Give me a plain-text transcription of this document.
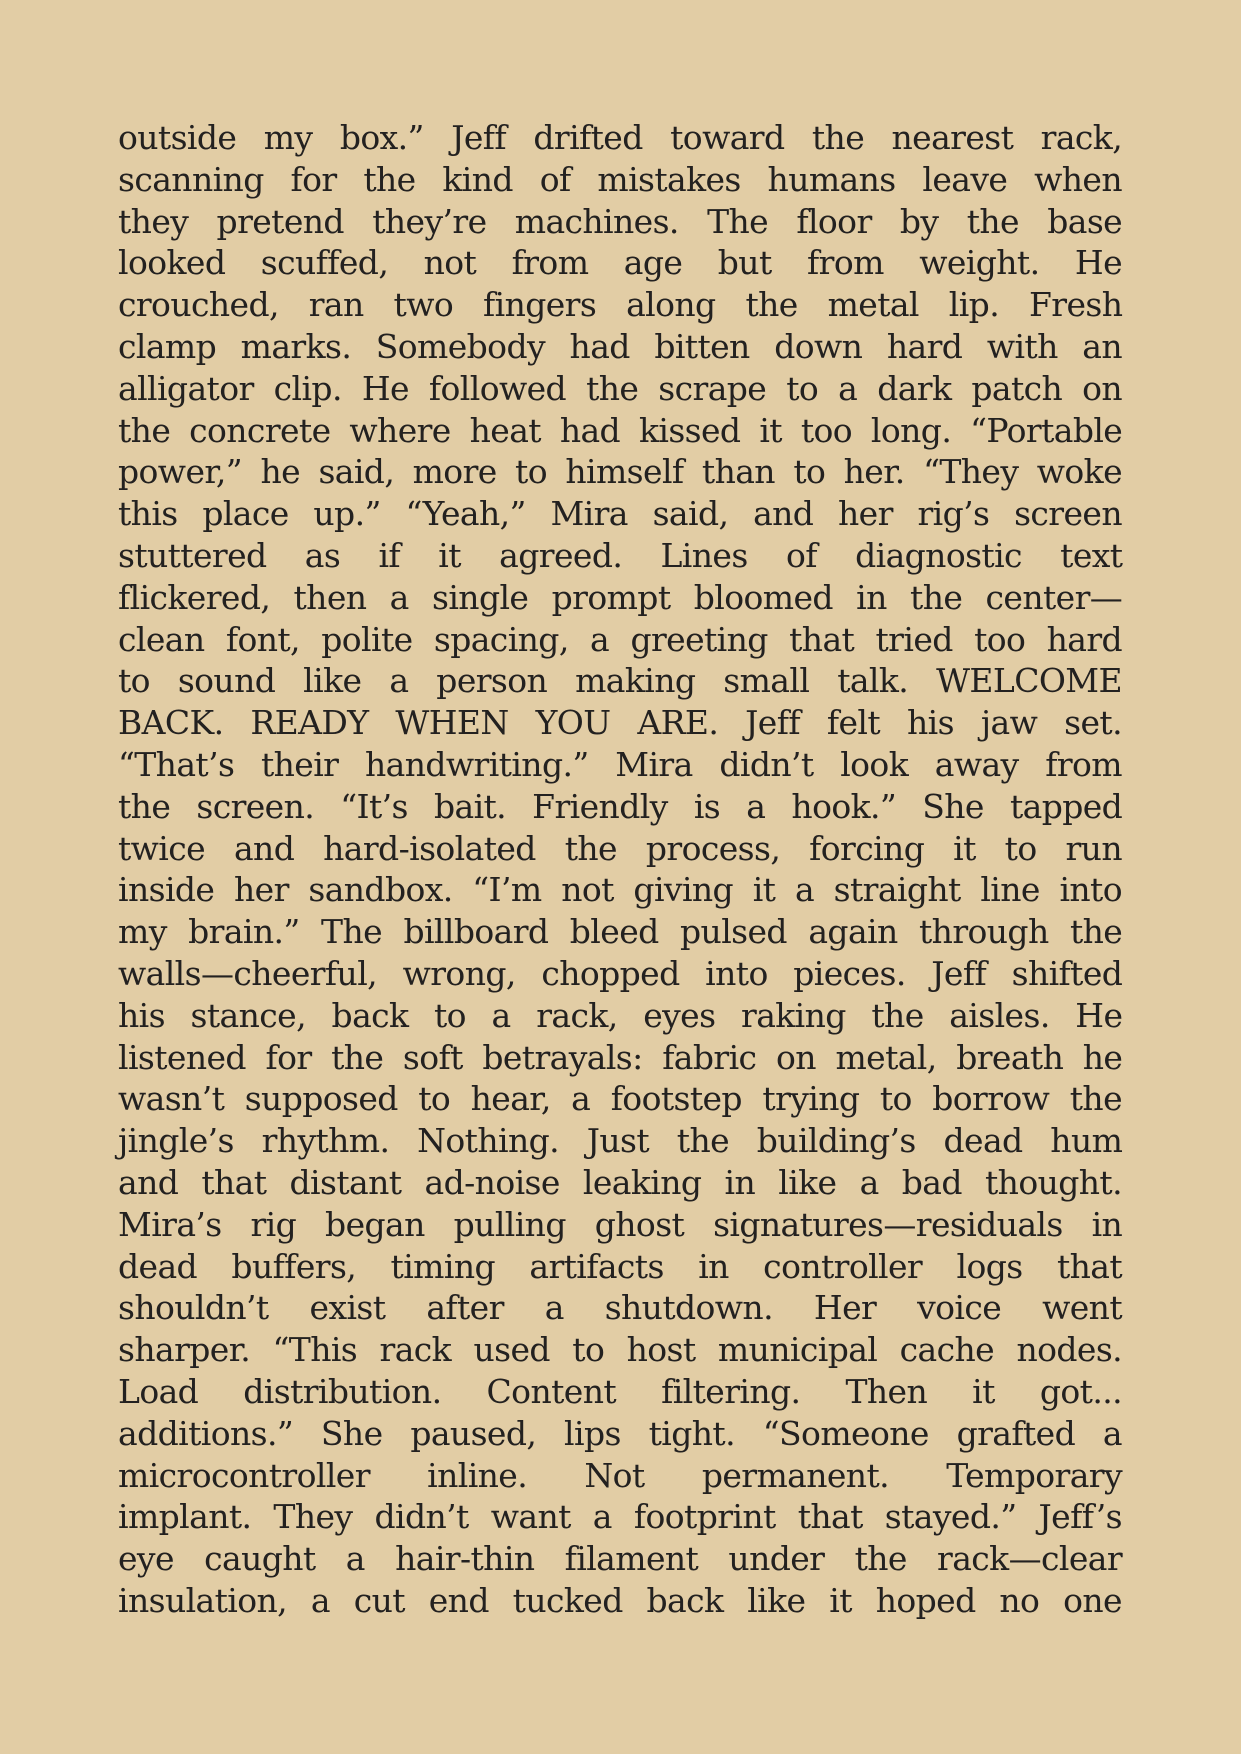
outside my box.” Jeff drifted toward the nearest rack,
scanning for the kind of mistakes humans leave when
they pretend they’re machines. The floor by the base
looked scuffed, not from age but from weight. He
crouched, ran two fingers along the metal lip. Fresh
clamp marks. Somebody had bitten down hard with an
alligator clip. He followed the scrape to a dark patch on
the concrete where heat had kissed it too long. “Portable
power,” he said, more to himself than to her. “They woke
this place up.” “Yeah,” Mira said, and her rig’s screen
stuttered as if it agreed. Lines of diagnostic text
flickered, then a single prompt bloomed in the center—
clean font, polite spacing, a greeting that tried too hard
to sound like a person making small talk. WELCOME
BACK. READY WHEN YOU ARE. Jeff felt his jaw set.
“That’s their handwriting.” Mira didn’t look away from
the screen. “It’s bait. Friendly is a hook.” She tapped
twice and hard-isolated the process, forcing it to run
inside her sandbox. “I’m not giving it a straight line into
my brain.” The billboard bleed pulsed again through the
walls—cheerful, wrong, chopped into pieces. Jeff shifted
his stance, back to a rack, eyes raking the aisles. He
listened for the soft betrayals: fabric on metal, breath he
wasn’t supposed to hear, a footstep trying to borrow the
jingle’s rhythm. Nothing. Just the building’s dead hum
and that distant ad-noise leaking in like a bad thought.
Mira’s rig began pulling ghost signatures—residuals in
dead buffers, timing artifacts in controller logs that
shouldn’t exist after a shutdown. Her voice went
sharper. “This rack used to host municipal cache nodes.
Load distribution. Content filtering. Then it got...
additions.” She paused, lips tight. “Someone grafted a
microcontroller inline. Not permanent. Temporary
implant. They didn’t want a footprint that stayed.” Jeff’s
eye caught a hair-thin filament under the rack—clear
insulation, a cut end tucked back like it hoped no one
